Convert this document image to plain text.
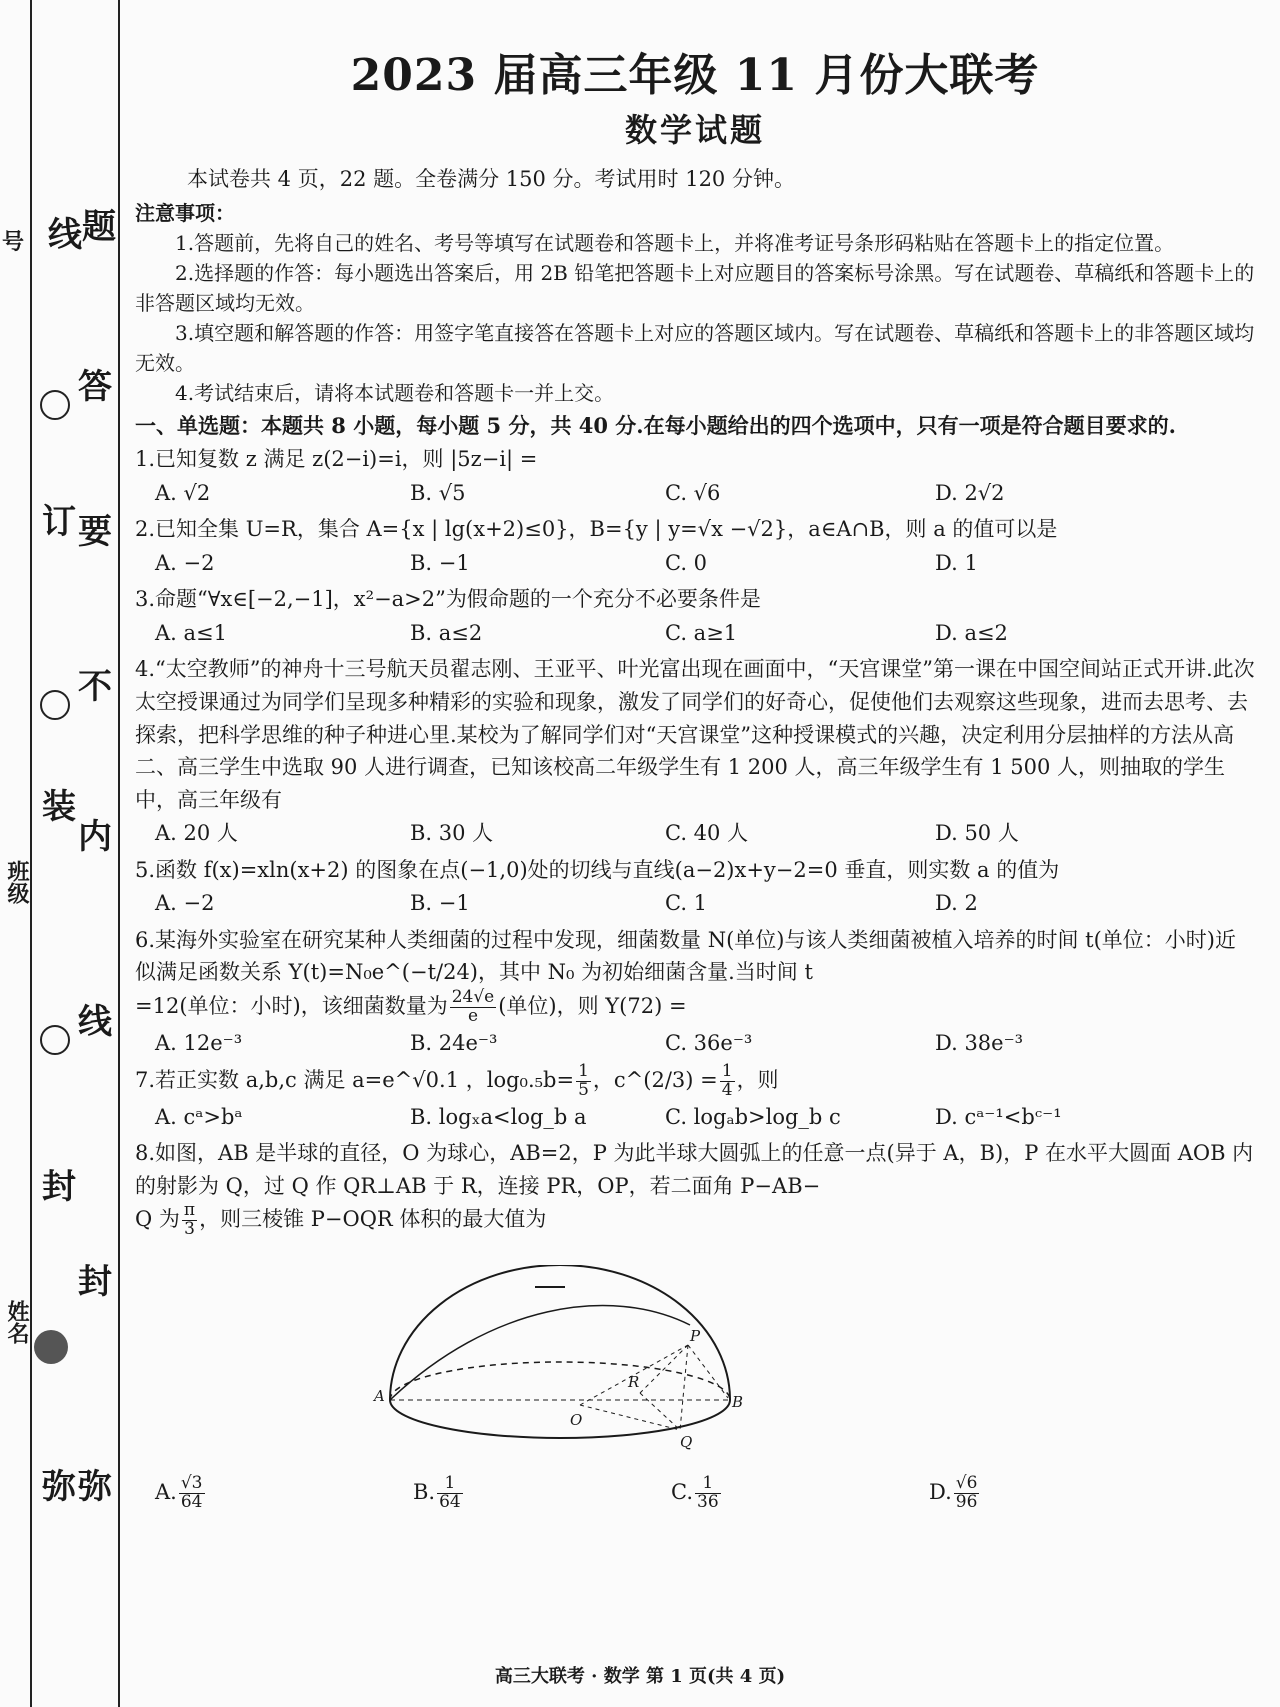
号
班级
姓名
线 题
答
订 要
不
装
内
线
封
封
弥 弥
2023 届高三年级 11 月份大联考
数学试题

本试卷共 4 页，22 题。全卷满分 150 分。考试用时 120 分钟。

注意事项：

1.答题前，先将自己的姓名、考号等填写在试题卷和答题卡上，并将准考证号条形码粘贴在答题卡上的指定位置。

2.选择题的作答：每小题选出答案后，用 2B 铅笔把答题卡上对应题目的答案标号涂黑。写在试题卷、草稿纸和答题卡上的非答题区域均无效。

3.填空题和解答题的作答：用签字笔直接答在答题卡上对应的答题区域内。写在试题卷、草稿纸和答题卡上的非答题区域均无效。

4.考试结束后，请将本试题卷和答题卡一并上交。

一、单选题：本题共 8 小题，每小题 5 分，共 40 分.在每小题给出的四个选项中，只有一项是符合题目要求的.

1.已知复数 z 满足 z(2−i)=i，则 |5z−i| =

A. √2	B. √5	C. √6	D. 2√2

2.已知全集 U=R，集合 A={x | lg(x+2)≤0}，B={y | y=√x −√2}，a∈A∩B，则 a 的值可以是

A. −2	B. −1	C. 0	D. 1

3.命题“∀x∈[−2,−1]，x²−a>2”为假命题的一个充分不必要条件是

A. a≤1	B. a≤2	C. a≥1	D. a≤2

4.“太空教师”的神舟十三号航天员翟志刚、王亚平、叶光富出现在画面中，“天宫课堂”第一课在中国空间站正式开讲.此次太空授课通过为同学们呈现多种精彩的实验和现象，激发了同学们的好奇心，促使他们去观察这些现象，进而去思考、去探索，把科学思维的种子种进心里.某校为了解同学们对“天宫课堂”这种授课模式的兴趣，决定利用分层抽样的方法从高二、高三学生中选取 90 人进行调查，已知该校高二年级学生有 1 200 人，高三年级学生有 1 500 人，则抽取的学生中，高三年级有

A. 20 人	B. 30 人	C. 40 人	D. 50 人

5.函数 f(x)=xln(x+2) 的图象在点(−1,0)处的切线与直线(a−2)x+y−2=0 垂直，则实数 a 的值为

A. −2	B. −1	C. 1	D. 2

6.某海外实验室在研究某种人类细菌的过程中发现，细菌数量 N(单位)与该人类细菌被植入培养的时间 t(单位：小时)近似满足函数关系 Y(t)=N₀e^(−t/24)，其中 N₀ 为初始细菌含量.当时间 t
=12(单位：小时)，该细菌数量为 $\frac{24√e}{e}$ (单位)，则 Y(72) =

A. 12e⁻³	B. 24e⁻³	C. 36e⁻³	D. 38e⁻³

7.若正实数 a,b,c 满足 a=e^√0.1 ，$\log_0._5b= \frac{1}{5}$ ，c^(2/3) = $\frac{1}{4}$ ，则

A. cᵃ>bᵃ	B. logₓa<log_b a	C. logₐb>log_b c	D. cᵃ⁻¹<bᶜ⁻¹

8.如图，AB 是半球的直径，O 为球心，AB=2，P 为此半球大圆弧上的任意一点(异于 A，B)，P 在水平大圆面 AOB 内的射影为 Q，过 Q 作 QR⊥AB 于 R，连接 PR，OP，若二面角 P−AB−
Q 为 $\frac{\pi}{3}$ ，则三棱锥 P−OQR 体积的最大值为

A	B
O
P
Q
R
A. $\frac{√3}{64}$	B. $\frac{1}{64}$	C. $\frac{1}{36}$	D. $\frac{√6}{96}$
高三大联考 · 数学 第 1 页(共 4 页)
